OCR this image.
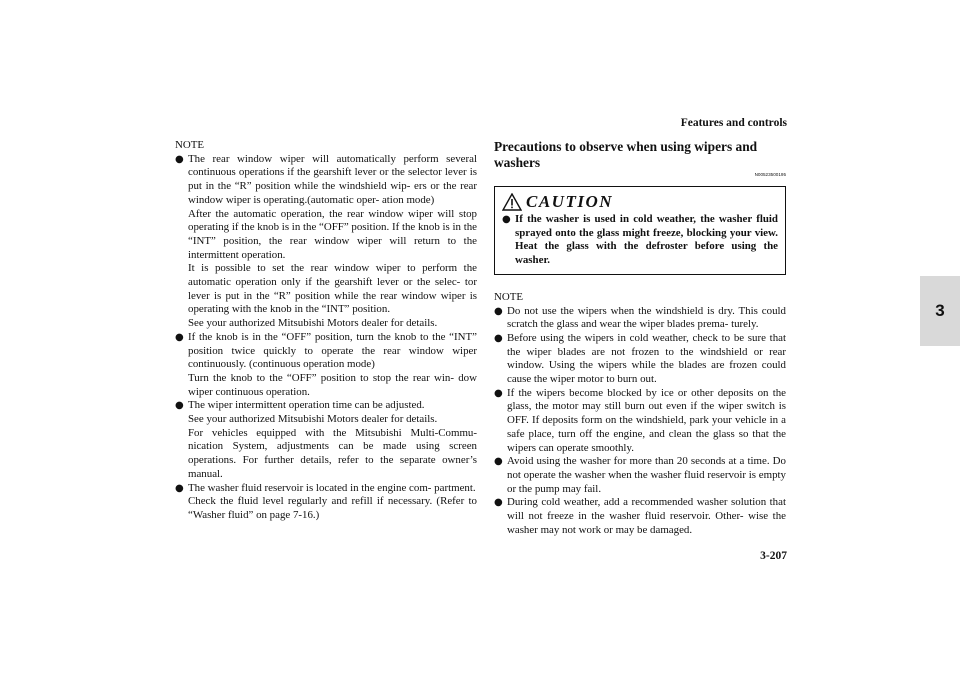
Features and controls
3
3-207
NOTE
● The rear window wiper will automatically perform several continuous operations if the gearshift lever or the selector lever is put in the “R” position while the windshield wip- ers or the rear window wiper is operating.(automatic oper- ation mode)
After the automatic operation, the rear window wiper will stop operating if the knob is in the “OFF” position. If the knob is in the “INT” position, the rear window wiper will return to the intermittent operation.
It is possible to set the rear window wiper to perform the automatic operation only if the gearshift lever or the selec- tor lever is put in the “R” position while the rear window wiper is operating with the knob in the “INT” position.
See your authorized Mitsubishi Motors dealer for details.
● If the knob is in the “OFF” position, turn the knob to the “INT” position twice quickly to operate the rear window wiper continuously. (continuous operation mode)
Turn the knob to the “OFF” position to stop the rear win- dow wiper continuous operation.
● The wiper intermittent operation time can be adjusted.
See your authorized Mitsubishi Motors dealer for details.
For vehicles equipped with the Mitsubishi Multi-Commu- nication System, adjustments can be made using screen operations. For further details, refer to the separate owner’s manual.
● The washer fluid reservoir is located in the engine com- partment.
Check the fluid level regularly and refill if necessary. (Refer to “Washer fluid” on page 7-16.)
Precautions to observe when using wipers and washers
N00523500195
CAUTION
● If the washer is used in cold weather, the washer fluid sprayed onto the glass might freeze, blocking your view. Heat the glass with the defroster before using the washer.
NOTE
● Do not use the wipers when the windshield is dry. This could scratch the glass and wear the wiper blades prema- turely.
● Before using the wipers in cold weather, check to be sure that the wiper blades are not frozen to the windshield or rear window. Using the wipers while the blades are frozen could cause the wiper motor to burn out.
● If the wipers become blocked by ice or other deposits on the glass, the motor may still burn out even if the wiper switch is OFF. If deposits form on the windshield, park your vehicle in a safe place, turn off the engine, and clean the glass so that the wipers can operate smoothly.
● Avoid using the washer for more than 20 seconds at a time. Do not operate the washer when the washer fluid reservoir is empty or the pump may fail.
● During cold weather, add a recommended washer solution that will not freeze in the washer fluid reservoir. Other- wise the washer may not work or may be damaged.
